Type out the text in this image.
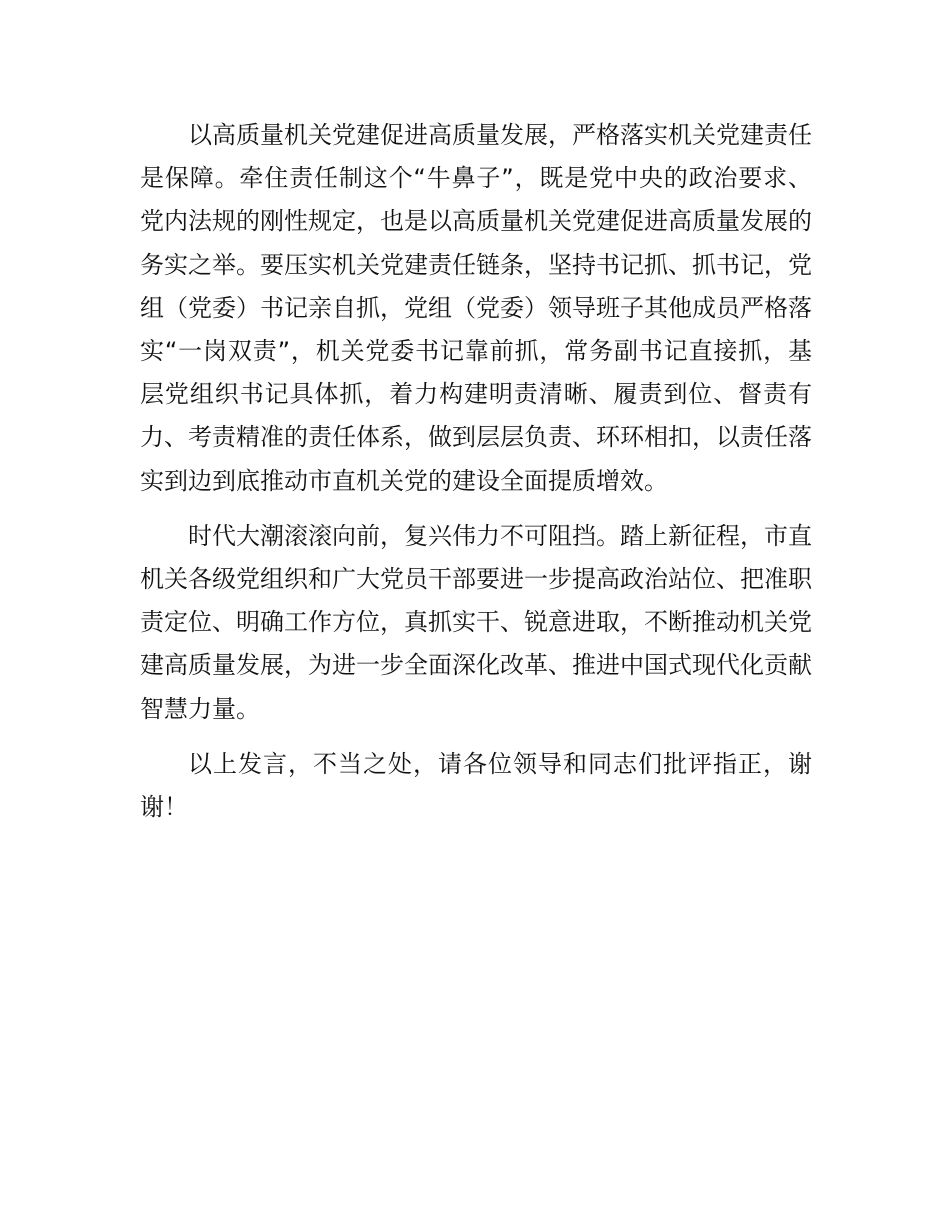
以高质量机关党建促进高质量发展，严格落实机关党建责任是保障。牵住责任制这个“牛鼻子”，既是党中央的政治要求、党内法规的刚性规定，也是以高质量机关党建促进高质量发展的务实之举。要压实机关党建责任链条，坚持书记抓、抓书记，党组（党委）书记亲自抓，党组（党委）领导班子其他成员严格落实“一岗双责”，机关党委书记靠前抓，常务副书记直接抓，基层党组织书记具体抓，着力构建明责清晰、履责到位、督责有力、考责精准的责任体系，做到层层负责、环环相扣，以责任落实到边到底推动市直机关党的建设全面提质增效。

时代大潮滚滚向前，复兴伟力不可阻挡。踏上新征程，市直机关各级党组织和广大党员干部要进一步提高政治站位、把准职责定位、明确工作方位，真抓实干、锐意进取，不断推动机关党建高质量发展，为进一步全面深化改革、推进中国式现代化贡献智慧力量。

以上发言，不当之处，请各位领导和同志们批评指正，谢谢！
